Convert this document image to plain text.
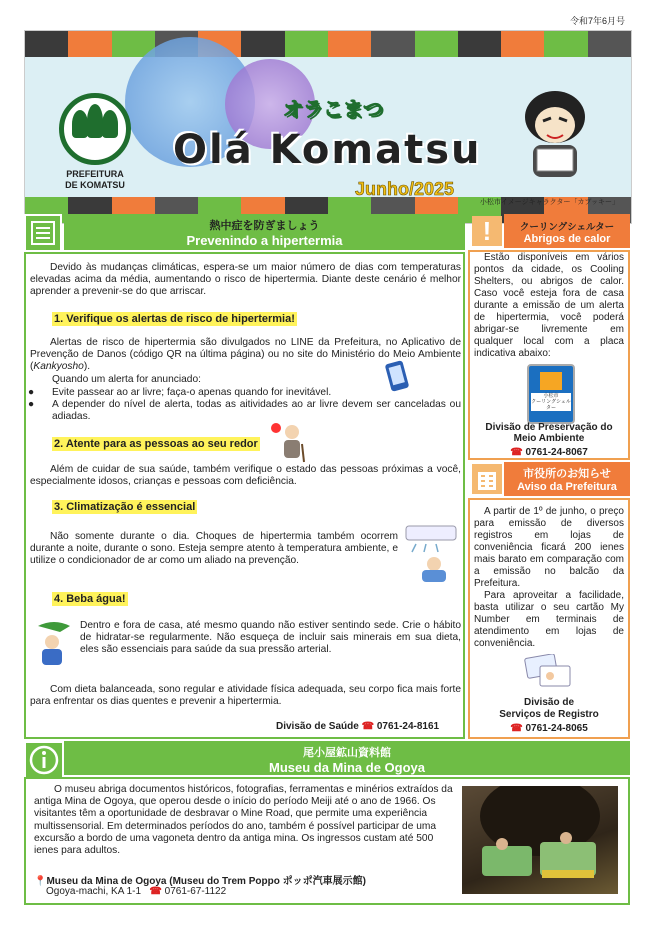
令和7年6月号
PREFEITURA
DE KOMATSU
オラこまつ
Olá Komatsu
Junho/2025
小松市イメージキャラクター「カブッキー」
熱中症を防ぎましょう
Prevenindo a hipertermia
Devido às mudanças climáticas, espera-se um maior número de dias com temperaturas elevadas acima da média, aumentando o risco de hipertermia. Diante deste cenário é melhor aprender a prevenir-se do que arriscar.
1. Verifique os alertas de risco de hipertermia!
Alertas de risco de hipertermia são divulgados no LINE da Prefeitura, no Aplicativo de Prevenção de Danos (código QR na última página) ou no site do Ministério do Meio Ambiente (Kankyosho).
Quando um alerta for anunciado:
● Evite passear ao ar livre; faça-o apenas quando for inevitável.
● A depender do nível de alerta, todas as aitividades ao ar livre devem ser canceladas ou adiadas.
2. Atente para as pessoas ao seu redor
Além de cuidar de sua saúde, também verifique o estado das pessoas próximas a você, especialmente idosos, crianças e pessoas com deficiência.
3. Climatização é essencial
Não somente durante o dia. Choques de hipertermia também ocorrem durante a noite, durante o sono. Esteja sempre atento à temperatura ambiente, e utilize o condicionador de ar como um aliado na prevenção.
4. Beba água!
Dentro e fora de casa, até mesmo quando não estiver sentindo sede. Crie o hábito de hidratar-se regularmente. Não esqueça de incluir sais minerais em sua dieta, eles são essenciais para saúde da sua pressão arterial.
Com dieta balanceada, sono regular e atividade física adequada, seu corpo fica mais forte para enfrentar os dias quentes e prevenir a hipertermia.
Divisão de Saúde ☎ 0761-24-8161
!	クーリングシェルター
Abrigos de calor
Estão disponíveis em vários pontos da cidade, os Cooling Shelters, ou abrigos de calor. Caso você esteja fora de casa durante a emissão de um alerta de hipertermia, você poderá abrigar-se livremente em qualquer local com a placa indicativa abaixo:
小松市
クーリングシェルター
Divisão de Preservação do Meio Ambiente
☎ 0761-24-8067
市役所のお知らせ
Aviso da Prefeitura
A partir de 1º de junho, o preço para emissão de diversos registros em lojas de conveniência ficará 200 ienes mais barato em comparação com a emissão no balcão da Prefeitura.
Para aproveitar a facilidade, basta utilizar o seu cartão My Number em terminais de atendimento em lojas de conveniência.
Divisão de
Serviços de Registro
☎ 0761-24-8065
尾小屋鉱山資料館
Museu da Mina de Ogoya
O museu abriga documentos históricos, fotografias, ferramentas e minérios extraídos da antiga Mina de Ogoya, que operou desde o início do período Meiji até o ano de 1966. Os visitantes têm a oportunidade de desbravar o Mine Road, que permite uma experiência multissensorial. Em determinados períodos do ano, também é possível participar de uma excursão a bordo de uma vagoneta dentro da antiga mina. Os ingressos custam até 500 ienes para adultos.
📍Museu da Mina de Ogoya (Museu do Trem Poppo ポッポ汽車展示館)
Ogoya-machi, KA 1-1 ☎ 0761-67-1122
